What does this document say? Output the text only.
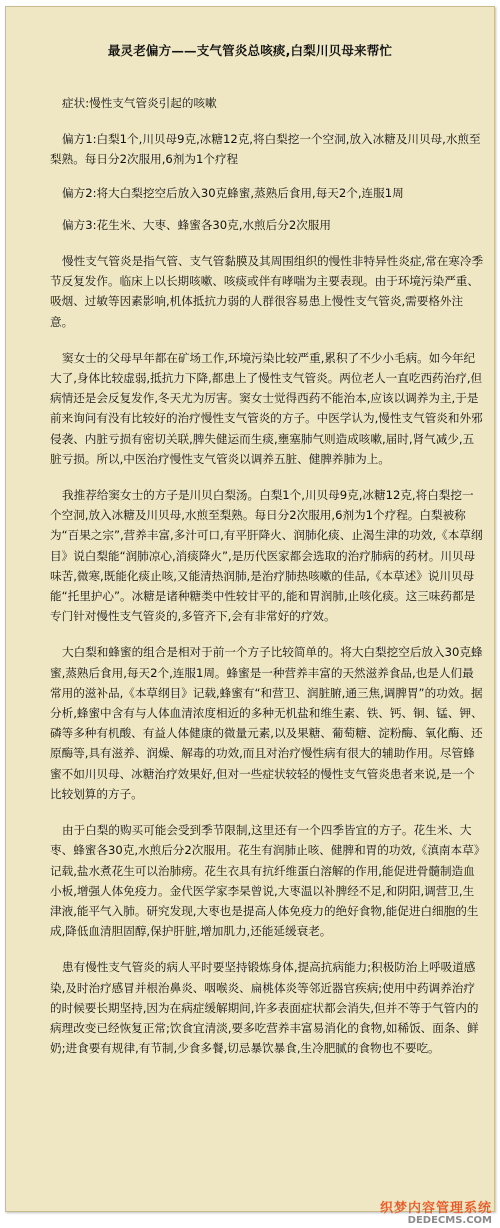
最灵老偏方——支气管炎总咳痰,白梨川贝母来帮忙

症状:慢性支气管炎引起的咳嗽

偏方1:白梨1个,川贝母9克,冰糖12克,将白梨挖一个空洞,放入冰糖及川贝母,水煎至梨熟。每日分2次服用,6剂为1个疗程

偏方2:将大白梨挖空后放入30克蜂蜜,蒸熟后食用,每天2个,连服1周

偏方3:花生米、大枣、蜂蜜各30克,水煎后分2次服用

慢性支气管炎是指气管、支气管黏膜及其周围组织的慢性非特异性炎症,常在寒冷季节反复发作。临床上以长期咳嗽、咳痰或伴有哮喘为主要表现。由于环境污染严重、吸烟、过敏等因素影响,机体抵抗力弱的人群很容易患上慢性支气管炎,需要格外注意。

窦女士的父母早年都在矿场工作,环境污染比较严重,累积了不少小毛病。如今年纪大了,身体比较虚弱,抵抗力下降,都患上了慢性支气管炎。两位老人一直吃西药治疗,但病情还是会反复发作,冬天尤为厉害。窦女士觉得西药不能治本,应该以调养为主,于是前来询问有没有比较好的治疗慢性支气管炎的方子。中医学认为,慢性支气管炎和外邪侵袭、内脏亏损有密切关联,脾失健运而生痰,壅塞肺气则造成咳嗽,届时,肾气减少,五脏亏损。所以,中医治疗慢性支气管炎以调养五脏、健脾养肺为上。

我推荐给窦女士的方子是川贝白梨汤。白梨1个,川贝母9克,冰糖12克,将白梨挖一个空洞,放入冰糖及川贝母,水煎至梨熟。每日分2次服用,6剂为1个疗程。白梨被称为“百果之宗”,营养丰富,多汁可口,有平肝降火、润肺化痰、止渴生津的功效,《本草纲目》说白梨能“润肺凉心,消痰降火”,是历代医家都会选取的治疗肺病的药材。川贝母味苦,微寒,既能化痰止咳,又能清热润肺,是治疗肺热咳嗽的佳品,《本草述》说川贝母能“托里护心”。冰糖是诸种糖类中性较甘平的,能和胃润肺,止咳化痰。这三味药都是专门针对慢性支气管炎的,多管齐下,会有非常好的疗效。

大白梨和蜂蜜的组合是相对于前一个方子比较简单的。将大白梨挖空后放入30克蜂蜜,蒸熟后食用,每天2个,连服1周。蜂蜜是一种营养丰富的天然滋养食品,也是人们最常用的滋补品,《本草纲目》记载,蜂蜜有“和营卫、润脏腑,通三焦,调脾胃”的功效。据分析,蜂蜜中含有与人体血清浓度相近的多种无机盐和维生素、铁、钙、铜、锰、钾、磷等多种有机酸、有益人体健康的微量元素,以及果糖、葡萄糖、淀粉酶、氧化酶、还原酶等,具有滋养、润燥、解毒的功效,而且对治疗慢性病有很大的辅助作用。尽管蜂蜜不如川贝母、冰糖治疗效果好,但对一些症状较轻的慢性支气管炎患者来说,是一个比较划算的方子。

由于白梨的购买可能会受到季节限制,这里还有一个四季皆宜的方子。花生米、大枣、蜂蜜各30克,水煎后分2次服用。花生有润肺止咳、健脾和胃的功效,《滇南本草》记载,盐水煮花生可以治肺痨。花生衣具有抗纤维蛋白溶解的作用,能促进骨髓制造血小板,增强人体免疫力。金代医学家李杲曾说,大枣温以补脾经不足,和阴阳,调营卫,生津液,能平气入肺。研究发现,大枣也是提高人体免疫力的绝好食物,能促进白细胞的生成,降低血清胆固醇,保护肝脏,增加肌力,还能延缓衰老。

患有慢性支气管炎的病人平时要坚持锻炼身体,提高抗病能力;积极防治上呼吸道感染,及时治疗感冒并根治鼻炎、咽喉炎、扁桃体炎等邻近器官疾病;使用中药调养治疗的时候要长期坚持,因为在病症缓解期间,许多表面症状都会消失,但并不等于气管内的病理改变已经恢复正常;饮食宜清淡,要多吃营养丰富易消化的食物,如稀饭、面条、鲜奶;进食要有规律,有节制,少食多餐,切忌暴饮暴食,生冷肥腻的食物也不要吃。

织梦内容管理系统
DEDECMS.COM
